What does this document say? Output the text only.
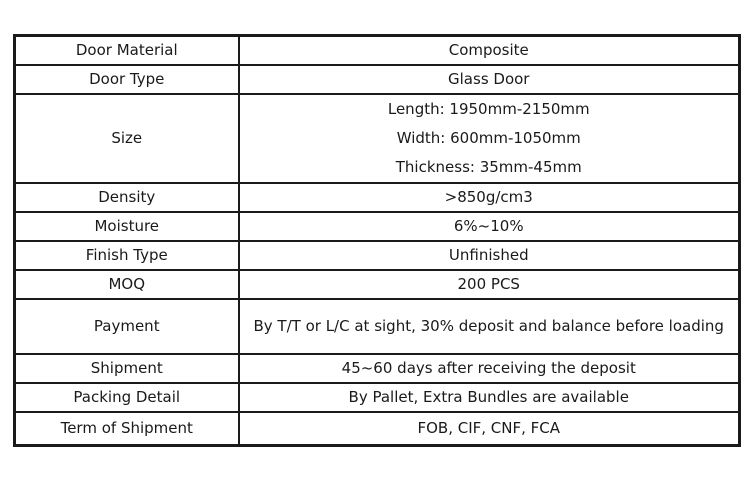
Door Material	Composite
Door Type	Glass Door
Size	Length: 1950mm-2150mm
Width: 600mm-1050mm
Thickness: 35mm-45mm

Density	>850g/cm3
Moisture	6%~10%
Finish Type	Unfinished
MOQ	200 PCS
Payment	By T/T or L/C at sight, 30% deposit and balance before loading
Shipment	45~60 days after receiving the deposit
Packing Detail	By Pallet, Extra Bundles are available
Term of Shipment	FOB, CIF, CNF, FCA
